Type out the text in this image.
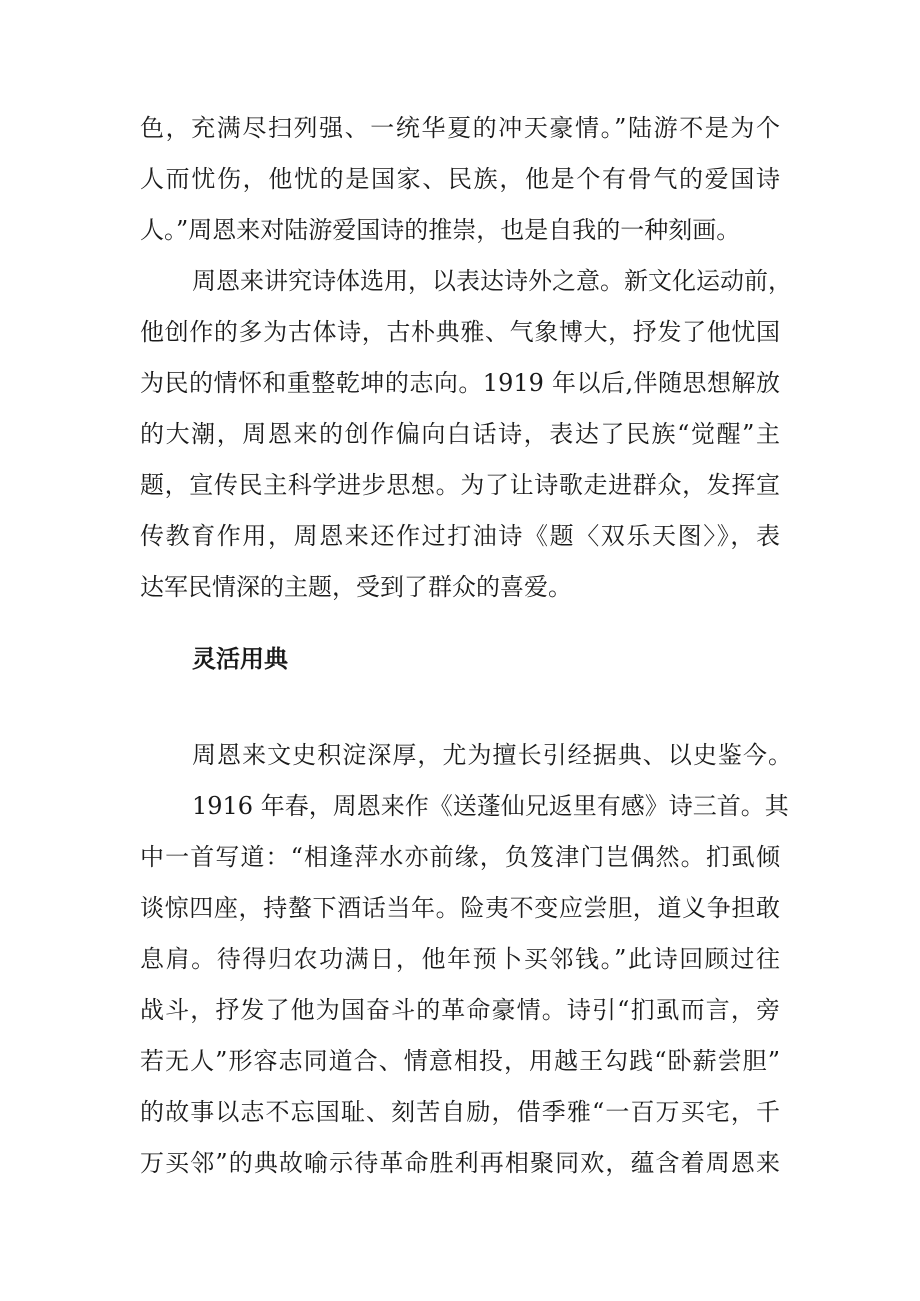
色，充满尽扫列强、一统华夏的冲天豪情。”陆游不是为个
人而忧伤，他忧的是国家、民族，他是个有骨气的爱国诗
人。”周恩来对陆游爱国诗的推崇，也是自我的一种刻画。
周恩来讲究诗体选用，以表达诗外之意。新文化运动前，
他创作的多为古体诗，古朴典雅、气象博大，抒发了他忧国
为民的情怀和重整乾坤的志向。1919 年以后,伴随思想解放
的大潮，周恩来的创作偏向白话诗，表达了民族“觉醒”主
题，宣传民主科学进步思想。为了让诗歌走进群众，发挥宣
传教育作用，周恩来还作过打油诗《题〈双乐天图〉》，表
达军民情深的主题，受到了群众的喜爱。
灵活用典
周恩来文史积淀深厚，尤为擅长引经据典、以史鉴今。
1916 年春，周恩来作《送蓬仙兄返里有感》诗三首。其
中一首写道：“相逢萍水亦前缘，负笈津门岂偶然。扪虱倾
谈惊四座，持螯下酒话当年。险夷不变应尝胆，道义争担敢
息肩。待得归农功满日，他年预卜买邻钱。”此诗回顾过往
战斗，抒发了他为国奋斗的革命豪情。诗引“扪虱而言，旁
若无人”形容志同道合、情意相投，用越王勾践“卧薪尝胆”
的故事以志不忘国耻、刻苦自励，借季雅“一百万买宅，千
万买邻”的典故喻示待革命胜利再相聚同欢，蕴含着周恩来
